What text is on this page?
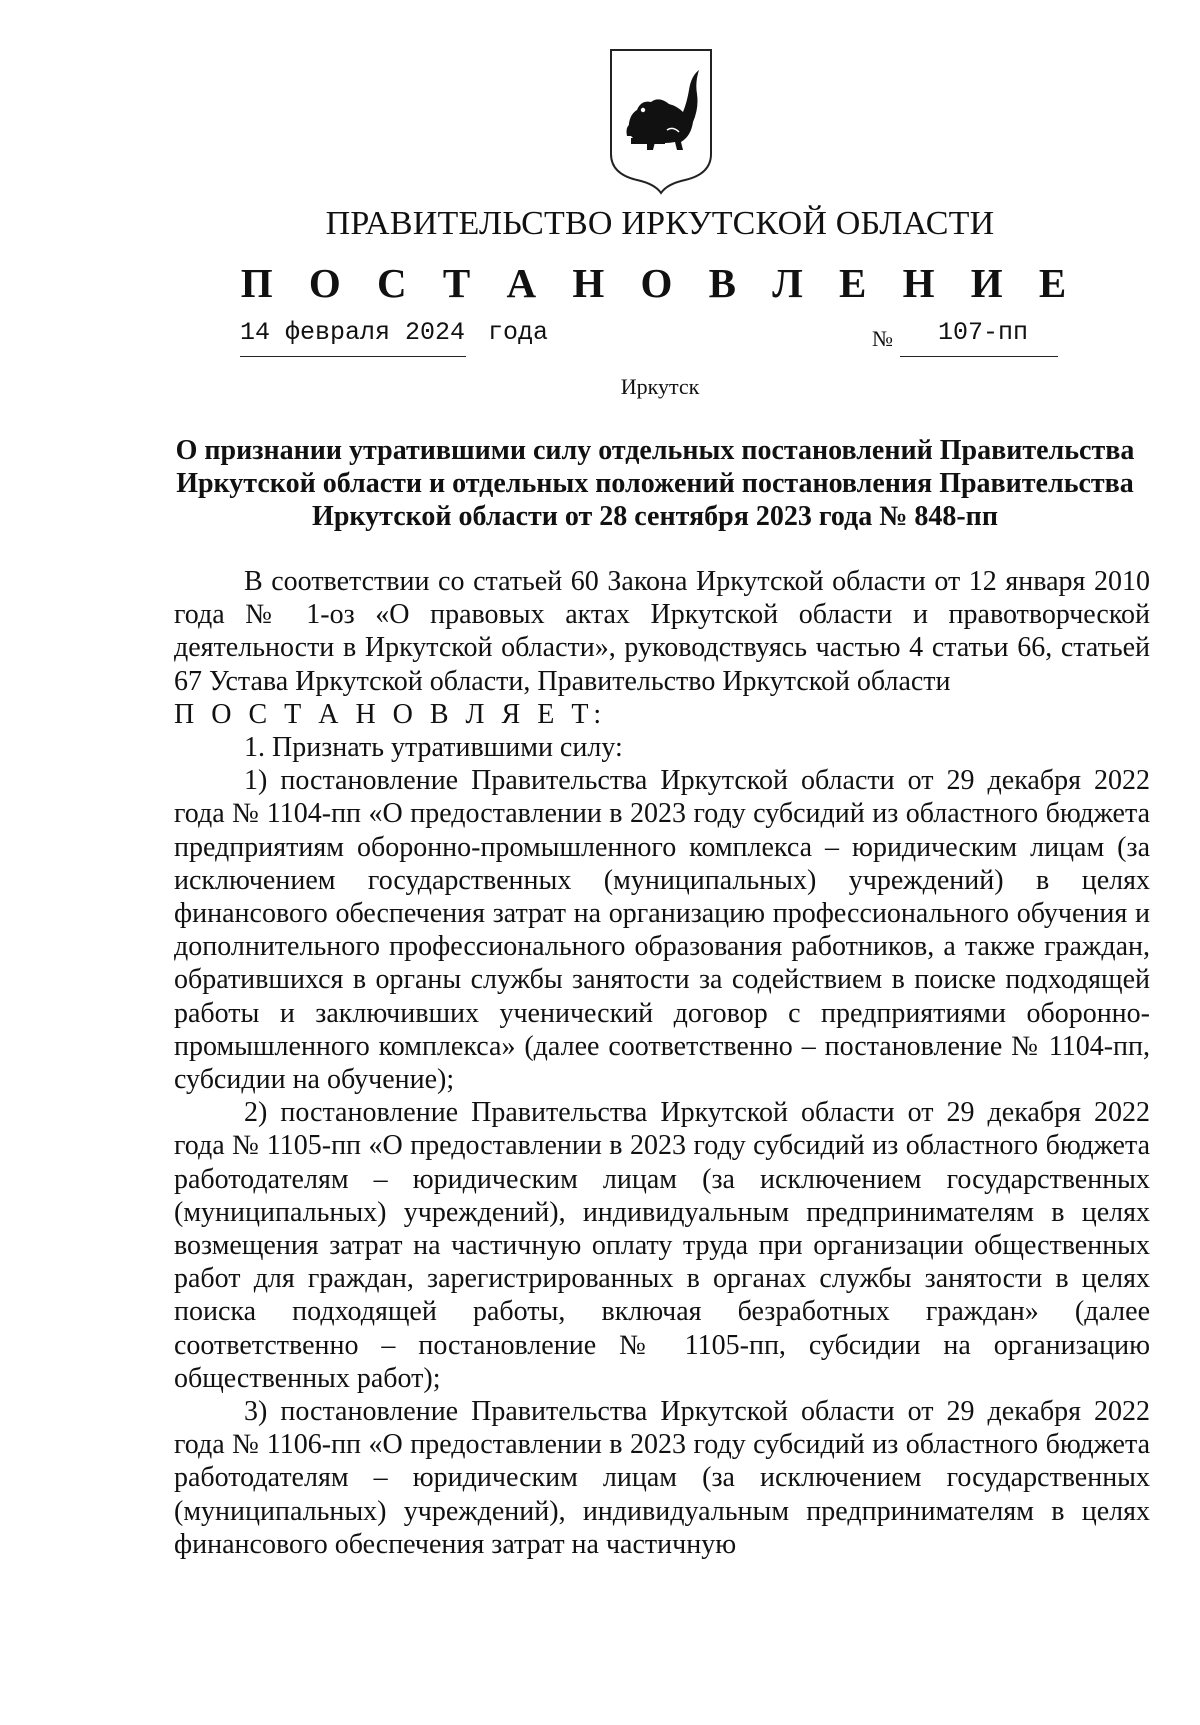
ПРАВИТЕЛЬСТВО ИРКУТСКОЙ ОБЛАСТИ
П О С Т А Н О В Л Е Н И Е
14 февраля 2024 года	№ 107-пп
Иркутск
О признании утратившими силу отдельных постановлений Правительства Иркутской области и отдельных положений постановления Правительства Иркутской области от 28 сентября 2023 года № 848-пп

В соответствии со статьей 60 Закона Иркутской области от 12 января 2010 года № 1-оз «О правовых актах Иркутской области и правотворческой деятельности в Иркутской области», руководствуясь частью 4 статьи 66, статьей 67 Устава Иркутской области, Правительство Иркутской области

П О С Т А Н О В Л Я Е Т:

1. Признать утратившими силу:

1) постановление Правительства Иркутской области от 29 декабря 2022 года № 1104-пп «О предоставлении в 2023 году субсидий из областного бюджета предприятиям оборонно-промышленного комплекса – юридическим лицам (за исключением государственных (муниципальных) учреждений) в целях финансового обеспечения затрат на организацию профессионального обучения и дополнительного профессионального образования работников, а также граждан, обратившихся в органы службы занятости за содействием в поиске подходящей работы и заключивших ученический договор с предприятиями оборонно-промышленного комплекса» (далее соответственно – постановление № 1104-пп, субсидии на обучение);

2) постановление Правительства Иркутской области от 29 декабря 2022 года № 1105-пп «О предоставлении в 2023 году субсидий из областного бюджета работодателям – юридическим лицам (за исключением государственных (муниципальных) учреждений), индивидуальным предпринимателям в целях возмещения затрат на частичную оплату труда при организации общественных работ для граждан, зарегистрированных в органах службы занятости в целях поиска подходящей работы, включая безработных граждан» (далее соответственно – постановление № 1105-пп, субсидии на организацию общественных работ);

3) постановление Правительства Иркутской области от 29 декабря 2022 года № 1106-пп «О предоставлении в 2023 году субсидий из областного бюджета работодателям – юридическим лицам (за исключением государственных (муниципальных) учреждений), индивидуальным предпринимателям в целях финансового обеспечения затрат на частичную
